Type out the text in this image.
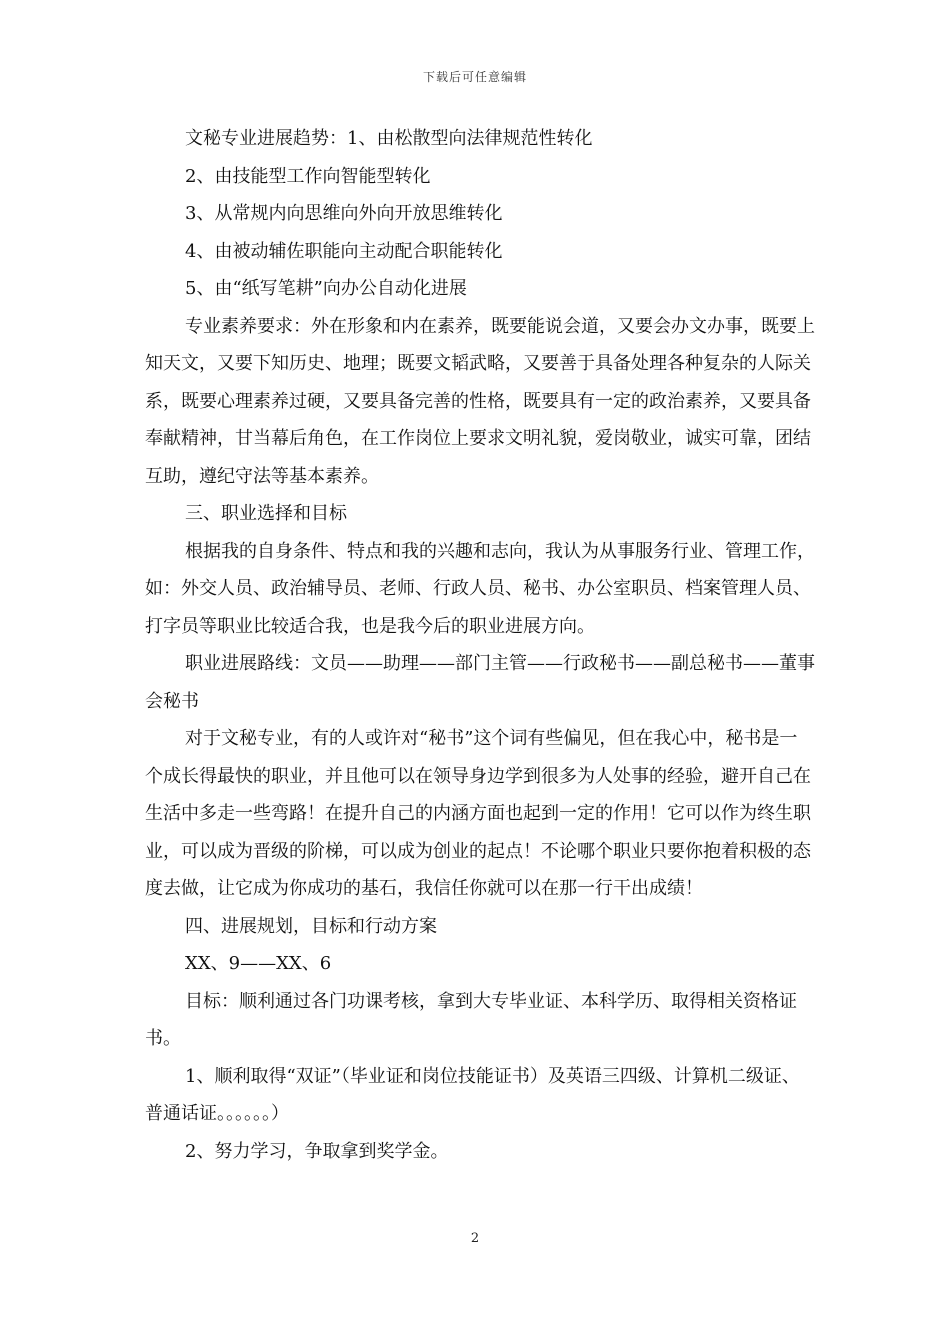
下载后可任意编辑

文秘专业进展趋势：1、由松散型向法律规范性转化

2、由技能型工作向智能型转化

3、从常规内向思维向外向开放思维转化

4、由被动辅佐职能向主动配合职能转化

5、由“纸写笔耕”向办公自动化进展

专业素养要求：外在形象和内在素养，既要能说会道，又要会办文办事，既要上知天文，又要下知历史、地理；既要文韬武略，又要善于具备处理各种复杂的人际关系，既要心理素养过硬，又要具备完善的性格，既要具有一定的政治素养，又要具备奉献精神，甘当幕后角色，在工作岗位上要求文明礼貌，爱岗敬业，诚实可靠，团结互助，遵纪守法等基本素养。

三、职业选择和目标

根据我的自身条件、特点和我的兴趣和志向，我认为从事服务行业、管理工作，如：外交人员、政治辅导员、老师、行政人员、秘书、办公室职员、档案管理人员、打字员等职业比较适合我，也是我今后的职业进展方向。

职业进展路线：文员——助理——部门主管——行政秘书——副总秘书——董事会秘书

对于文秘专业，有的人或许对“秘书”这个词有些偏见，但在我心中，秘书是一个成长得最快的职业，并且他可以在领导身边学到很多为人处事的经验，避开自己在生活中多走一些弯路！在提升自己的内涵方面也起到一定的作用！它可以作为终生职业，可以成为晋级的阶梯，可以成为创业的起点！不论哪个职业只要你抱着积极的态度去做，让它成为你成功的基石，我信任你就可以在那一行干出成绩！

四、进展规划，目标和行动方案

XX、9——XX、6

目标：顺利通过各门功课考核，拿到大专毕业证、本科学历、取得相关资格证书。

1、顺利取得“双证”（毕业证和岗位技能证书）及英语三四级、计算机二级证、普通话证。。。。。。）

2、努力学习，争取拿到奖学金。

2
